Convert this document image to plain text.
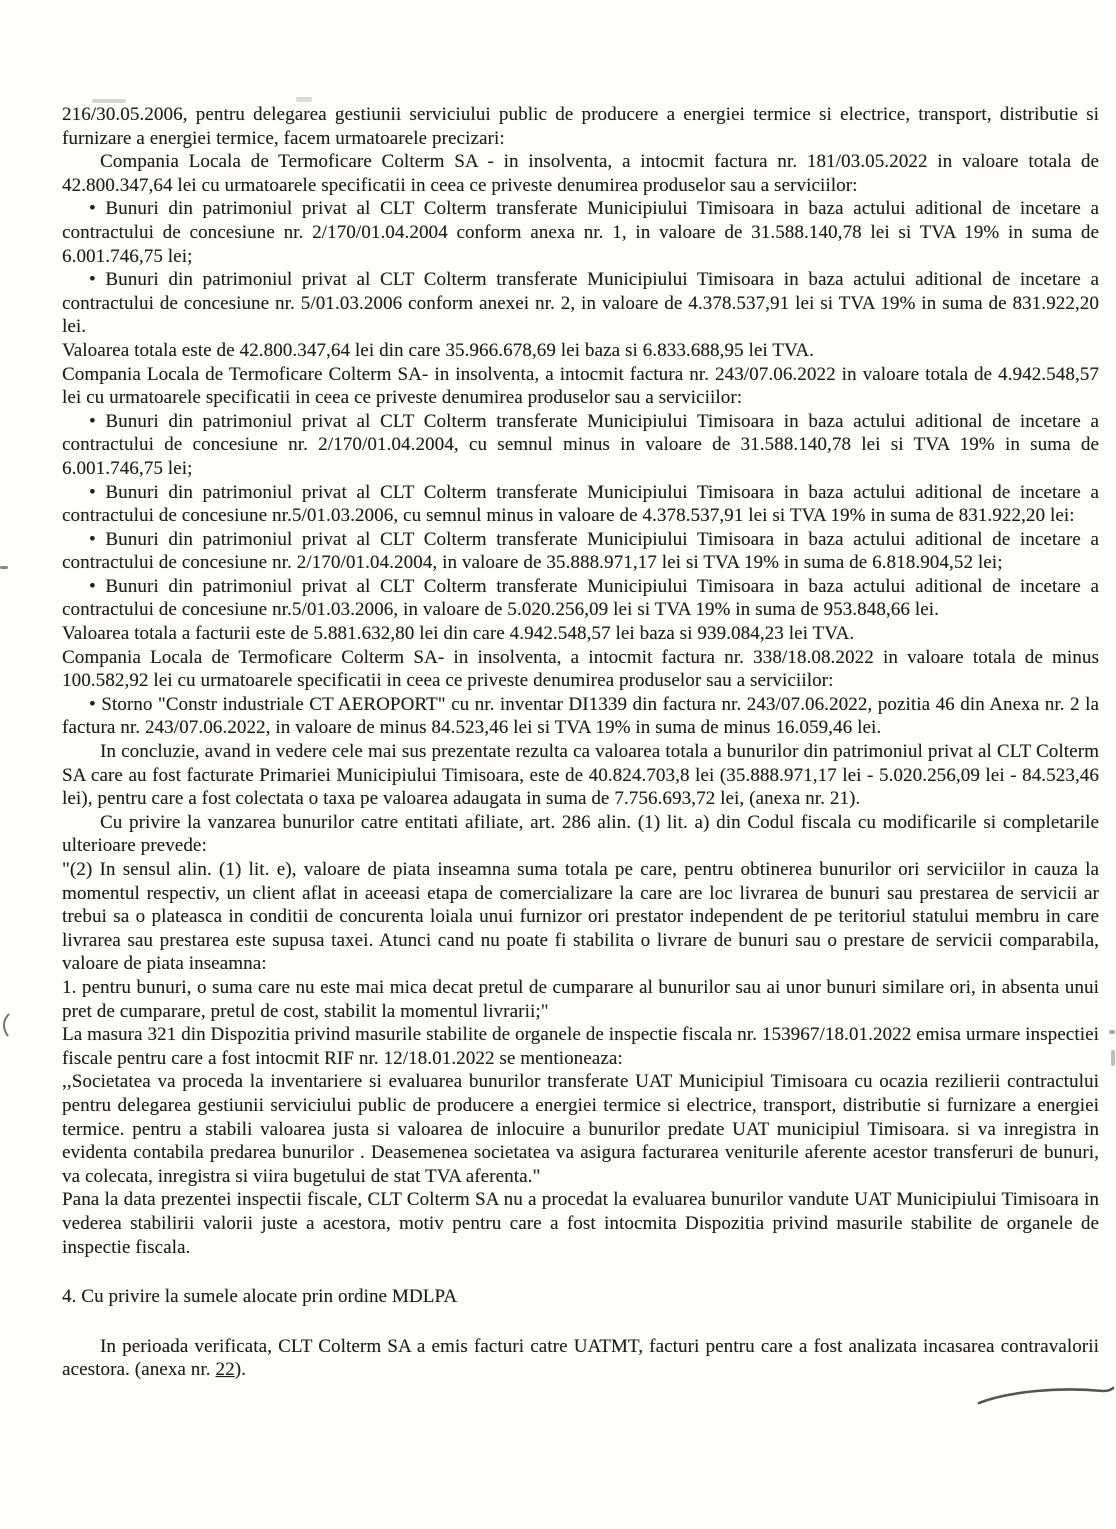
216/30.05.2006, pentru delegarea gestiunii serviciului public de producere a energiei termice si electrice, transport, distributie si furnizare a energiei termice, facem urmatoarele precizari:

Compania Locala de Termoficare Colterm SA - in insolventa, a intocmit factura nr. 181/03.05.2022 in valoare totala de 42.800.347,64 lei cu urmatoarele specificatii in ceea ce priveste denumirea produselor sau a serviciilor:

• Bunuri din patrimoniul privat al CLT Colterm transferate Municipiului Timisoara in baza actului aditional de incetare a contractului de concesiune nr. 2/170/01.04.2004 conform anexa nr. 1, in valoare de 31.588.140,78 lei si TVA 19% in suma de 6.001.746,75 lei;

• Bunuri din patrimoniul privat al CLT Colterm transferate Municipiului Timisoara in baza actului aditional de incetare a contractului de concesiune nr. 5/01.03.2006 conform anexei nr. 2, in valoare de 4.378.537,91 lei si TVA 19% in suma de 831.922,20 lei.

Valoarea totala este de 42.800.347,64 lei din care 35.966.678,69 lei baza si 6.833.688,95 lei TVA.

Compania Locala de Termoficare Colterm SA- in insolventa, a intocmit factura nr. 243/07.06.2022 in valoare totala de 4.942.548,57 lei cu urmatoarele specificatii in ceea ce priveste denumirea produselor sau a serviciilor:

• Bunuri din patrimoniul privat al CLT Colterm transferate Municipiului Timisoara in baza actului aditional de incetare a contractului de concesiune nr. 2/170/01.04.2004, cu semnul minus in valoare de 31.588.140,78 lei si TVA 19% in suma de 6.001.746,75 lei;

• Bunuri din patrimoniul privat al CLT Colterm transferate Municipiului Timisoara in baza actului aditional de incetare a contractului de concesiune nr.5/01.03.2006, cu semnul minus in valoare de 4.378.537,91 lei si TVA 19% in suma de 831.922,20 lei:

• Bunuri din patrimoniul privat al CLT Colterm transferate Municipiului Timisoara in baza actului aditional de incetare a contractului de concesiune nr. 2/170/01.04.2004, in valoare de 35.888.971,17 lei si TVA 19% in suma de 6.818.904,52 lei;

• Bunuri din patrimoniul privat al CLT Colterm transferate Municipiului Timisoara in baza actului aditional de incetare a contractului de concesiune nr.5/01.03.2006, in valoare de 5.020.256,09 lei si TVA 19% in suma de 953.848,66 lei.

Valoarea totala a facturii este de 5.881.632,80 lei din care 4.942.548,57 lei baza si 939.084,23 lei TVA.

Compania Locala de Termoficare Colterm SA- in insolventa, a intocmit factura nr. 338/18.08.2022 in valoare totala de minus 100.582,92 lei cu urmatoarele specificatii in ceea ce priveste denumirea produselor sau a serviciilor:

• Storno "Constr industriale CT AEROPORT" cu nr. inventar DI1339 din factura nr. 243/07.06.2022, pozitia 46 din Anexa nr. 2 la factura nr. 243/07.06.2022, in valoare de minus 84.523,46 lei si TVA 19% in suma de minus 16.059,46 lei.

In concluzie, avand in vedere cele mai sus prezentate rezulta ca valoarea totala a bunurilor din patrimoniul privat al CLT Colterm SA care au fost facturate Primariei Municipiului Timisoara, este de 40.824.703,8 lei (35.888.971,17 lei - 5.020.256,09 lei - 84.523,46 lei), pentru care a fost colectata o taxa pe valoarea adaugata in suma de 7.756.693,72 lei, (anexa nr. 21).

Cu privire la vanzarea bunurilor catre entitati afiliate, art. 286 alin. (1) lit. a) din Codul fiscala cu modificarile si completarile ulterioare prevede:

"(2) In sensul alin. (1) lit. e), valoare de piata inseamna suma totala pe care, pentru obtinerea bunurilor ori serviciilor in cauza la momentul respectiv, un client aflat in aceeasi etapa de comercializare la care are loc livrarea de bunuri sau prestarea de servicii ar trebui sa o plateasca in conditii de concurenta loiala unui furnizor ori prestator independent de pe teritoriul statului membru in care livrarea sau prestarea este supusa taxei. Atunci cand nu poate fi stabilita o livrare de bunuri sau o prestare de servicii comparabila, valoare de piata inseamna:

1. pentru bunuri, o suma care nu este mai mica decat pretul de cumparare al bunurilor sau ai unor bunuri similare ori, in absenta unui pret de cumparare, pretul de cost, stabilit la momentul livrarii;"

La masura 321 din Dispozitia privind masurile stabilite de organele de inspectie fiscala nr. 153967/18.01.2022 emisa urmare inspectiei fiscale pentru care a fost intocmit RIF nr. 12/18.01.2022 se mentioneaza:

,,Societatea va proceda la inventariere si evaluarea bunurilor transferate UAT Municipiul Timisoara cu ocazia rezilierii contractului pentru delegarea gestiunii serviciului public de producere a energiei termice si electrice, transport, distributie si furnizare a energiei termice. pentru a stabili valoarea justa si valoarea de inlocuire a bunurilor predate UAT municipiul Timisoara. si va inregistra in evidenta contabila predarea bunurilor . Deasemenea societatea va asigura facturarea veniturile aferente acestor transferuri de bunuri, va colecata, inregistra si viira bugetului de stat TVA aferenta."

Pana la data prezentei inspectii fiscale, CLT Colterm SA nu a procedat la evaluarea bunurilor vandute UAT Municipiului Timisoara in vederea stabilirii valorii juste a acestora, motiv pentru care a fost intocmita Dispozitia privind masurile stabilite de organele de inspectie fiscala.

4. Cu privire la sumele alocate prin ordine MDLPA

In perioada verificata, CLT Colterm SA a emis facturi catre UATMT, facturi pentru care a fost analizata incasarea contravalorii acestora. (anexa nr. 22).
